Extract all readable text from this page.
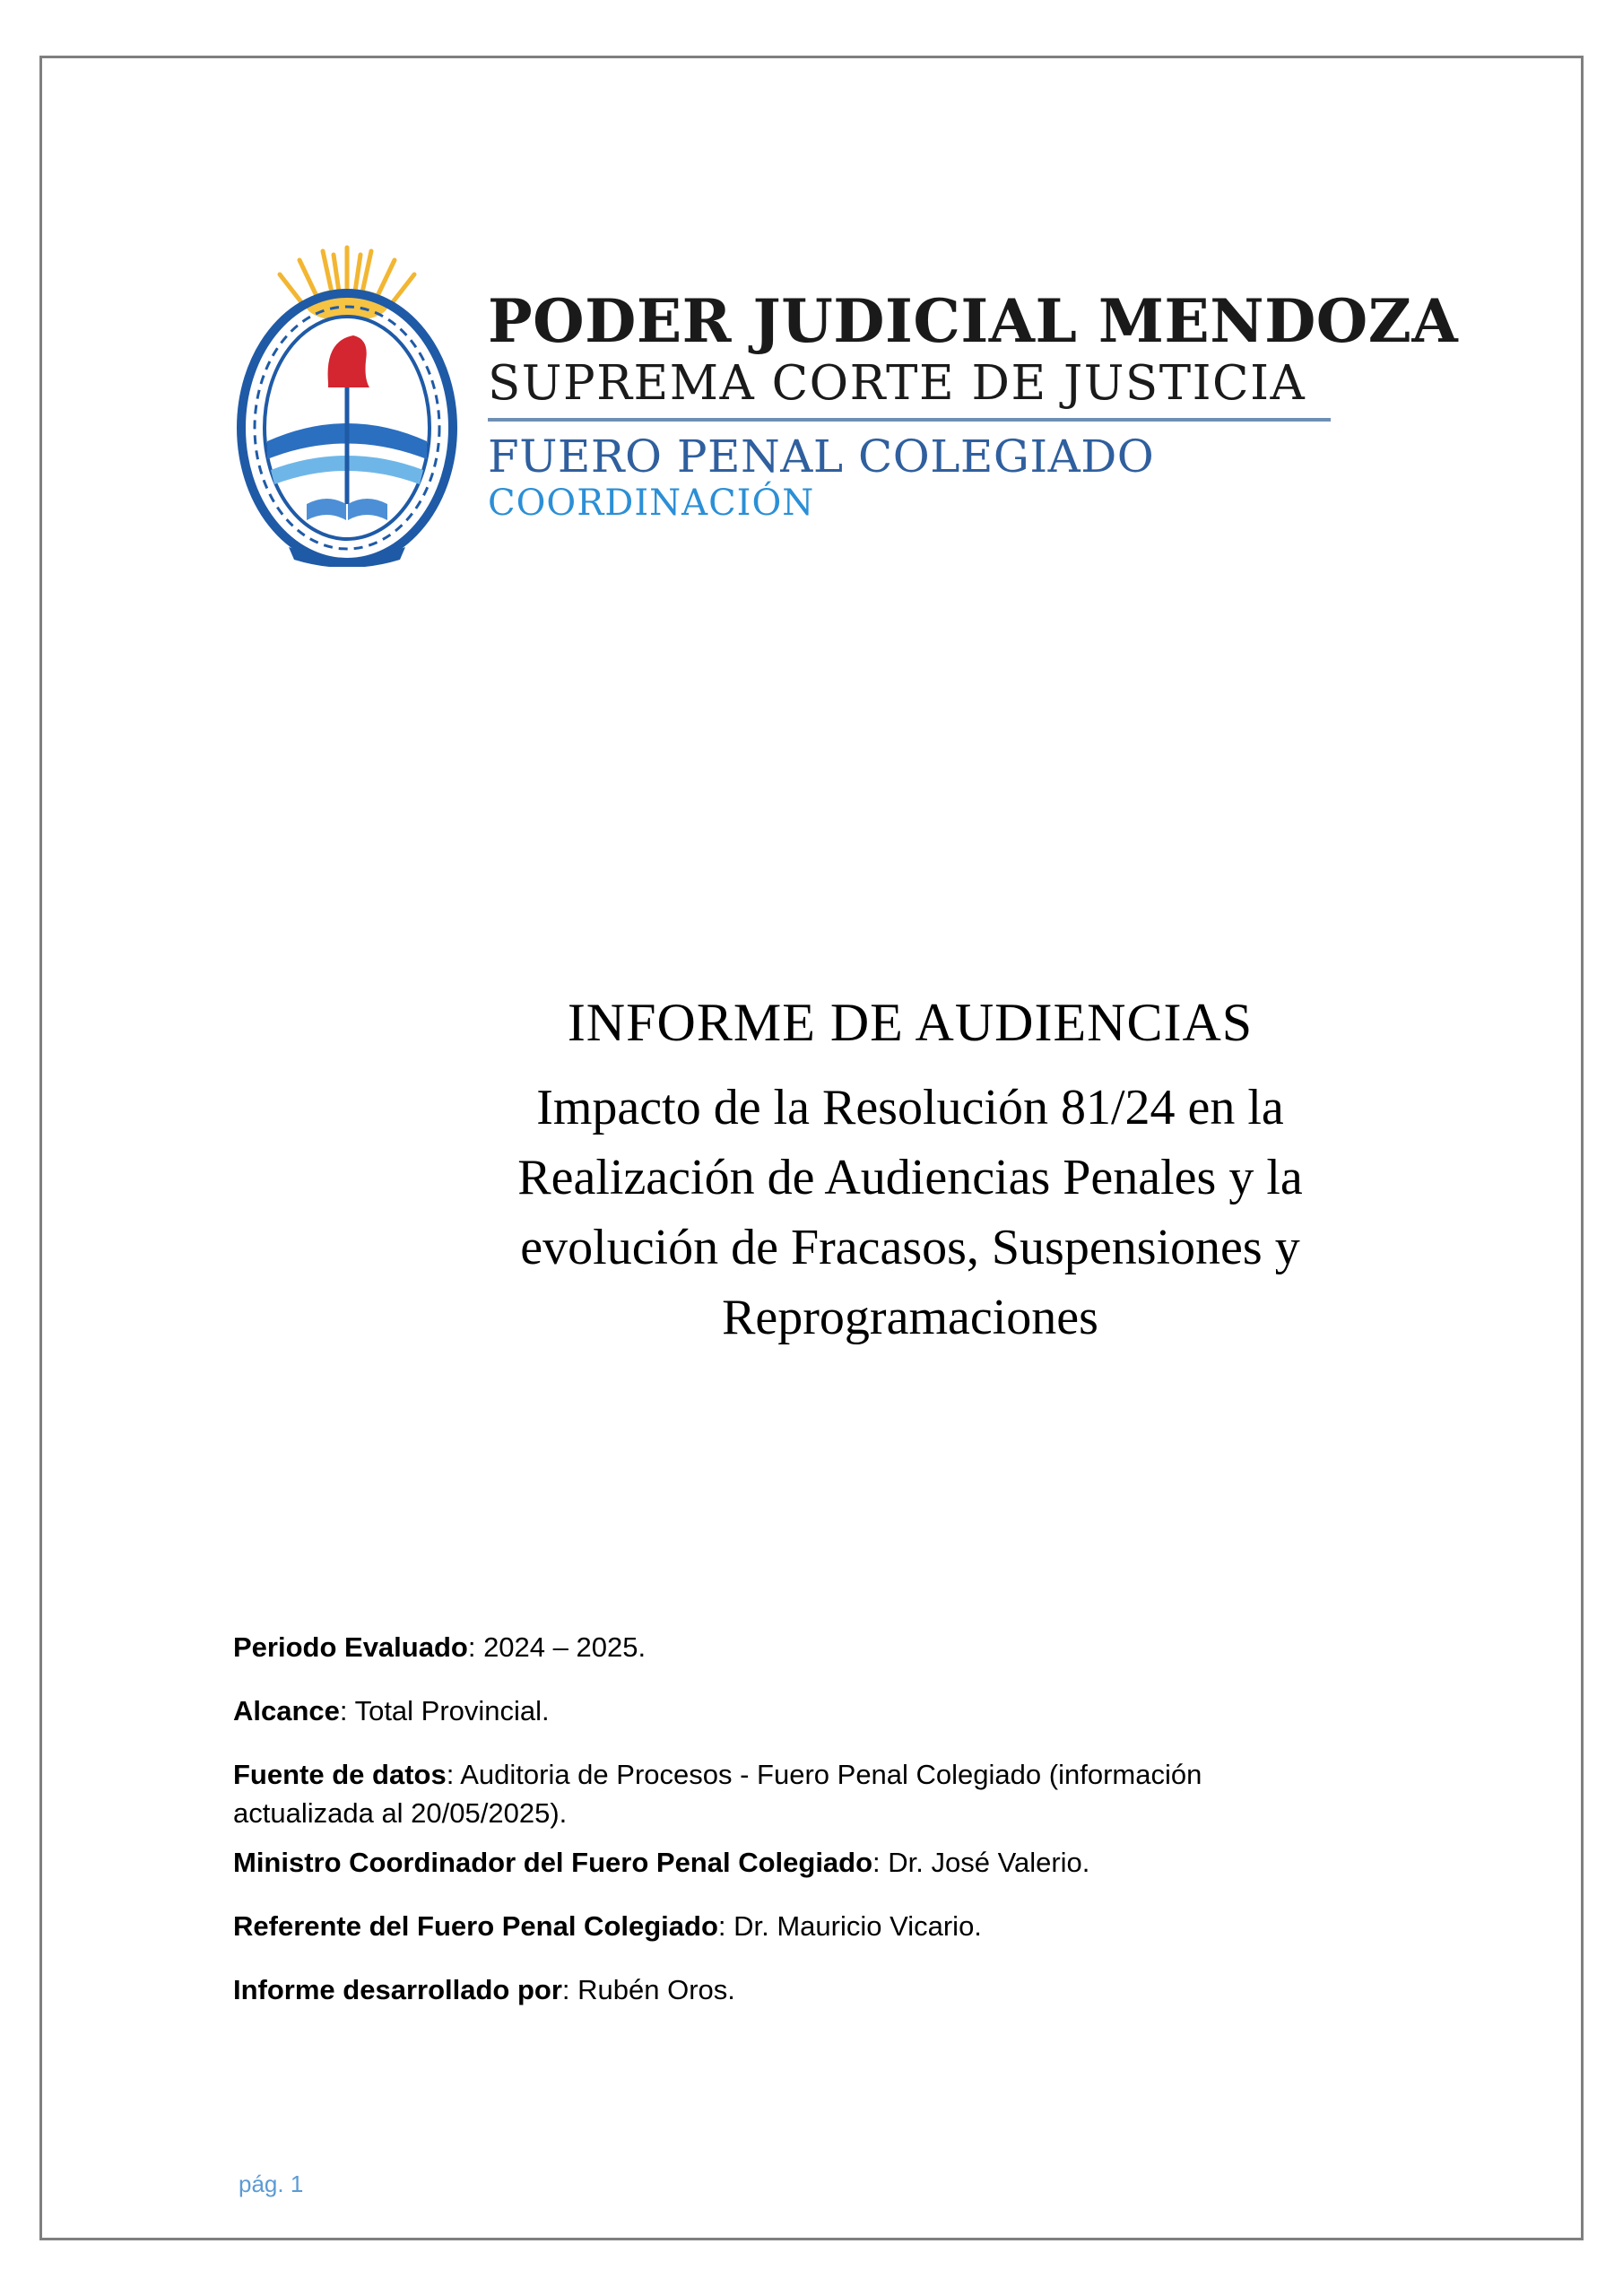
PODER JUDICIAL MENDOZA
SUPREMA CORTE DE JUSTICIA
FUERO PENAL COLEGIADO
COORDINACIÓN
INFORME DE AUDIENCIAS
Impacto de la Resolución 81/24 en la Realización de Audiencias Penales y la evolución de Fracasos, Suspensiones y Reprogramaciones
Periodo Evaluado: 2024 – 2025.
Alcance: Total Provincial.
Fuente de datos: Auditoria de Procesos - Fuero Penal Colegiado (información actualizada al 20/05/2025).
Ministro Coordinador del Fuero Penal Colegiado: Dr. José Valerio.
Referente del Fuero Penal Colegiado: Dr. Mauricio Vicario.
Informe desarrollado por: Rubén Oros.
pág. 1
